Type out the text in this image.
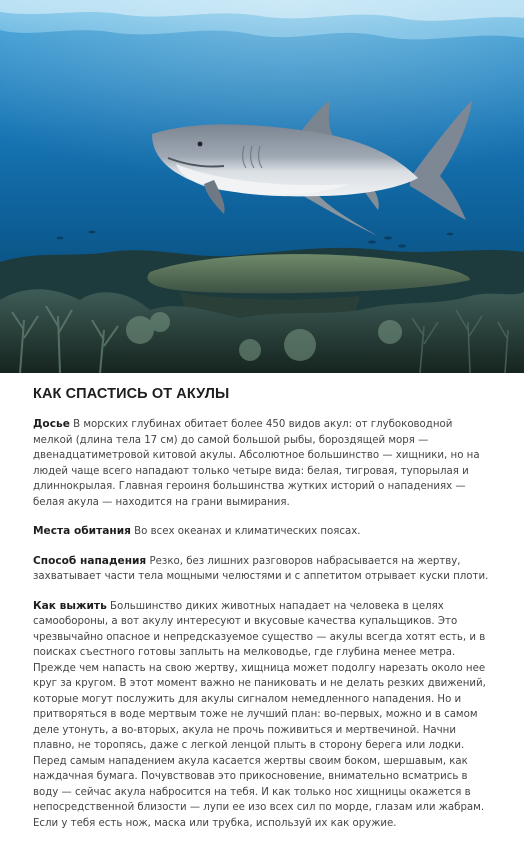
КАК СПАСТИСЬ ОТ АКУЛЫ

Досье В морских глубинах обитает более 450 видов акул: от глубоководной мелкой (длина тела 17 см) до самой большой рыбы, бороздящей моря — двенадцатиметровой китовой акулы. Абсолютное большинство — хищники, но на людей чаще всего нападают только четыре вида: белая, тигровая, тупорылая и длиннокрылая. Главная героиня большинства жутких историй о нападениях — белая акула — находится на грани вымирания.

Места обитания Во всех океанах и климатических поясах.

Способ нападения Резко, без лишних разговоров набрасывается на жертву, захватывает части тела мощными челюстями и с аппетитом отрывает куски плоти.

Как выжить Большинство диких животных нападает на человека в целях самообороны, а вот акулу интересуют и вкусовые качества купальщиков. Это чрезвычайно опасное и непредсказуемое существо — акулы всегда хотят есть, и в поисках съестного готовы заплыть на мелководье, где глубина менее метра. Прежде чем напасть на свою жертву, хищница может подолгу нарезать около нее круг за кругом. В этот момент важно не паниковать и не делать резких движений, которые могут послужить для акулы сигналом немедленного нападения. Но и притворяться в воде мертвым тоже не лучший план: во-первых, можно и в самом деле утонуть, а во-вторых, акула не прочь поживиться и мертвечиной. Начни плавно, не торопясь, даже с легкой ленцой плыть в сторону берега или лодки. Перед самым нападением акула касается жертвы своим боком, шершавым, как наждачная бумага. Почувствовав это прикосновение, внимательно всматрись в воду — сейчас акула набросится на тебя. И как только нос хищницы окажется в непосредственной близости — лупи ее изо всех сил по морде, глазам или жабрам. Если у тебя есть нож, маска или трубка, используй их как оружие.
